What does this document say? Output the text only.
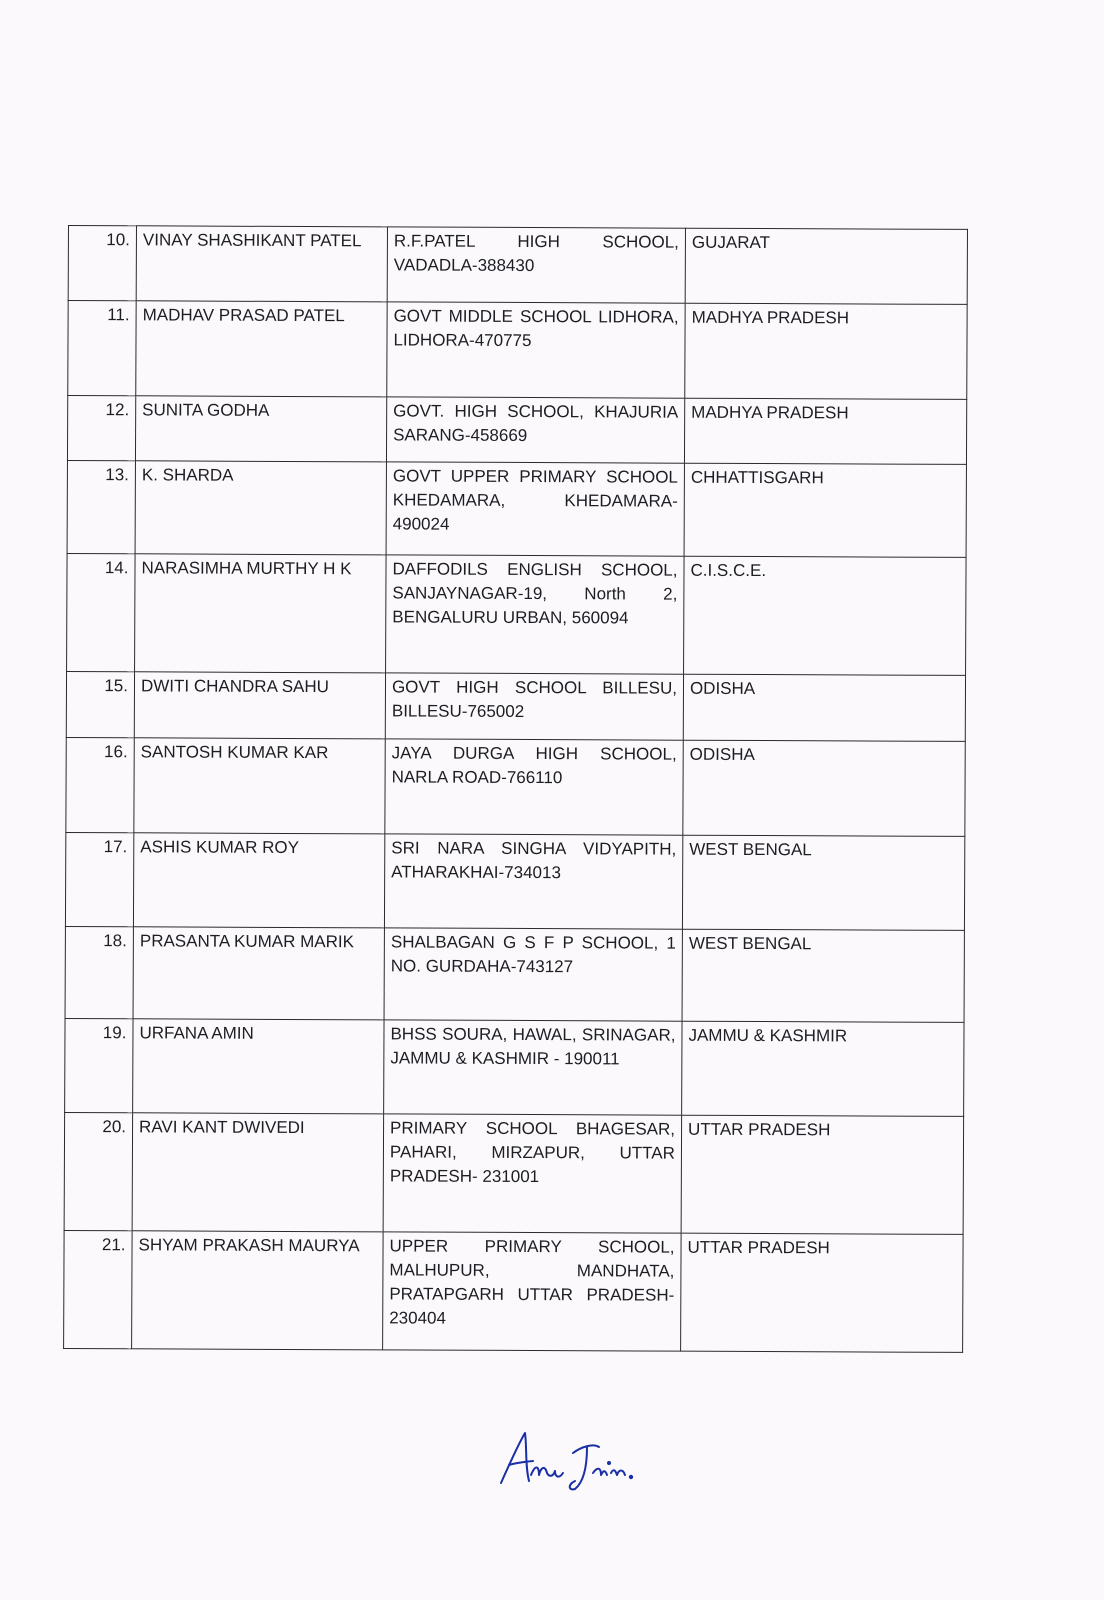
10.	VINAY SHASHIKANT PATEL	R.F.PATEL HIGH SCHOOL, VADADLA-388430	GUJARAT
11.	MADHAV PRASAD PATEL	GOVT MIDDLE SCHOOL LIDHORA, LIDHORA-470775	MADHYA PRADESH
12.	SUNITA GODHA	GOVT. HIGH SCHOOL, KHAJURIA SARANG-458669	MADHYA PRADESH
13.	K. SHARDA	GOVT UPPER PRIMARY SCHOOL KHEDAMARA, KHEDAMARA-490024	CHHATTISGARH
14.	NARASIMHA MURTHY H K	DAFFODILS ENGLISH SCHOOL, SANJAYNAGAR-19, North 2, BENGALURU URBAN, 560094	C.I.S.C.E.
15.	DWITI CHANDRA SAHU	GOVT HIGH SCHOOL BILLESU, BILLESU-765002	ODISHA
16.	SANTOSH KUMAR KAR	JAYA DURGA HIGH SCHOOL, NARLA ROAD-766110	ODISHA
17.	ASHIS KUMAR ROY	SRI NARA SINGHA VIDYAPITH, ATHARAKHAI-734013	WEST BENGAL
18.	PRASANTA KUMAR MARIK	SHALBAGAN G S F P SCHOOL, 1 NO. GURDAHA-743127	WEST BENGAL
19.	URFANA AMIN	BHSS SOURA, HAWAL, SRINAGAR, JAMMU & KASHMIR - 190011	JAMMU & KASHMIR
20.	RAVI KANT DWIVEDI	PRIMARY SCHOOL BHAGESAR, PAHARI, MIRZAPUR, UTTAR PRADESH- 231001	UTTAR PRADESH
21.	SHYAM PRAKASH MAURYA	UPPER PRIMARY SCHOOL, MALHUPUR, MANDHATA, PRATAPGARH UTTAR PRADESH- 230404	UTTAR PRADESH
